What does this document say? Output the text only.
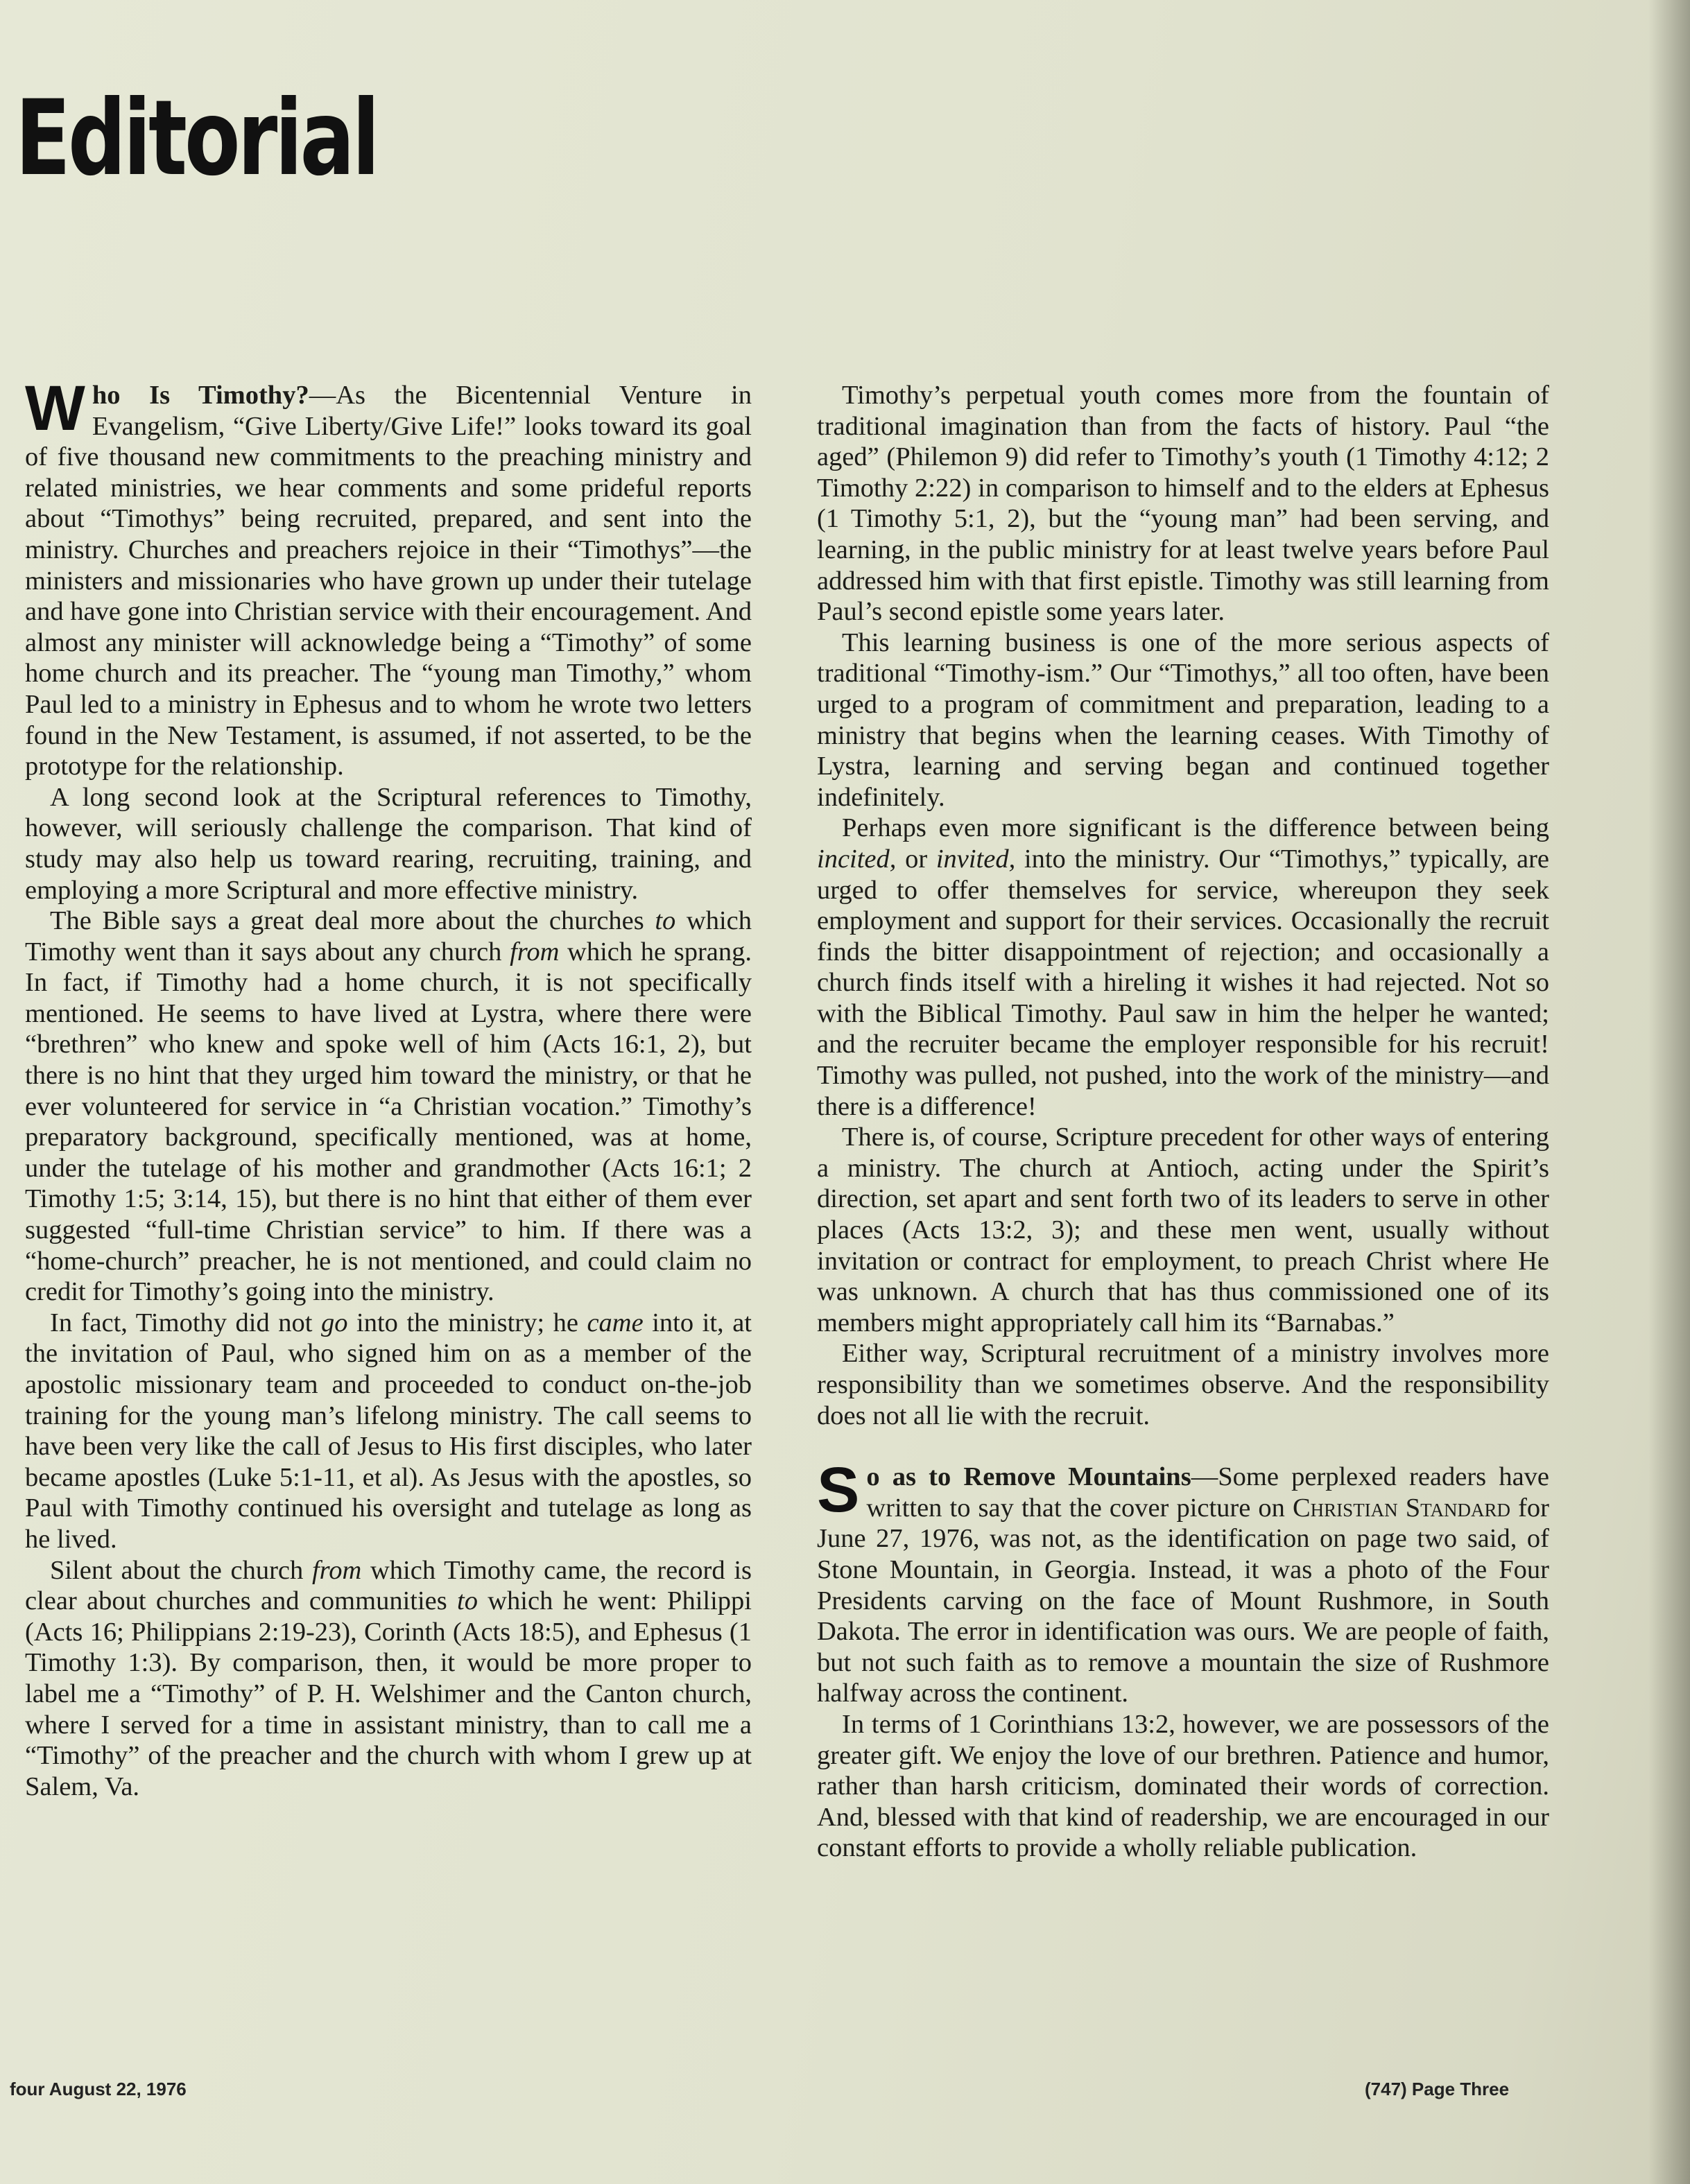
Editorial

Who Is Timothy?—As the Bicentennial Venture in Evangelism, “Give Liberty/Give Life!” looks toward its goal of five thousand new commitments to the preaching ministry and related ministries, we hear comments and some prideful reports about “Timothys” being recruited, prepared, and sent into the ministry. Churches and preachers rejoice in their “Timothys”—the ministers and missionaries who have grown up under their tutelage and have gone into Christian service with their encouragement. And almost any minister will acknowledge being a “Timothy” of some home church and its preacher. The “young man Timothy,” whom Paul led to a ministry in Ephesus and to whom he wrote two letters found in the New Testament, is assumed, if not asserted, to be the prototype for the relationship.

A long second look at the Scriptural references to Timothy, however, will seriously challenge the comparison. That kind of study may also help us toward rearing, recruiting, training, and employing a more Scriptural and more effective ministry.

The Bible says a great deal more about the churches to which Timothy went than it says about any church from which he sprang. In fact, if Timothy had a home church, it is not specifically mentioned. He seems to have lived at Lystra, where there were “brethren” who knew and spoke well of him (Acts 16:1, 2), but there is no hint that they urged him toward the ministry, or that he ever volunteered for service in “a Christian vocation.” Timothy’s preparatory background, specifically mentioned, was at home, under the tutelage of his mother and grandmother (Acts 16:1; 2 Timothy 1:5; 3:14, 15), but there is no hint that either of them ever suggested “full-time Christian service” to him. If there was a “home-church” preacher, he is not mentioned, and could claim no credit for Timothy’s going into the ministry.

In fact, Timothy did not go into the ministry; he came into it, at the invitation of Paul, who signed him on as a member of the apostolic missionary team and proceeded to conduct on-the-job training for the young man’s lifelong ministry. The call seems to have been very like the call of Jesus to His first disciples, who later became apostles (Luke 5:1-11, et al). As Jesus with the apostles, so Paul with Timothy continued his oversight and tutelage as long as he lived.

Silent about the church from which Timothy came, the record is clear about churches and communities to which he went: Philippi (Acts 16; Philippians 2:19-23), Corinth (Acts 18:5), and Ephesus (1 Timothy 1:3). By comparison, then, it would be more proper to label me a “Timothy” of P. H. Welshimer and the Canton church, where I served for a time in assistant ministry, than to call me a “Timothy” of the preacher and the church with whom I grew up at Salem, Va.

Timothy’s perpetual youth comes more from the fountain of traditional imagination than from the facts of history. Paul “the aged” (Philemon 9) did refer to Timothy’s youth (1 Timothy 4:12; 2 Timothy 2:22) in comparison to himself and to the elders at Ephesus (1 Timothy 5:1, 2), but the “young man” had been serving, and learning, in the public ministry for at least twelve years before Paul addressed him with that first epistle. Timothy was still learning from Paul’s second epistle some years later.

This learning business is one of the more serious aspects of traditional “Timothy-ism.” Our “Timothys,” all too often, have been urged to a program of commitment and preparation, leading to a ministry that begins when the learning ceases. With Timothy of Lystra, learning and serving began and continued together indefinitely.

Perhaps even more significant is the difference between being incited, or invited, into the ministry. Our “Timothys,” typically, are urged to offer themselves for service, whereupon they seek employment and support for their services. Occasionally the recruit finds the bitter disappointment of rejection; and occasionally a church finds itself with a hireling it wishes it had rejected. Not so with the Biblical Timothy. Paul saw in him the helper he wanted; and the recruiter became the employer responsible for his recruit! Timothy was pulled, not pushed, into the work of the ministry—and there is a difference!

There is, of course, Scripture precedent for other ways of entering a ministry. The church at Antioch, acting under the Spirit’s direction, set apart and sent forth two of its leaders to serve in other places (Acts 13:2, 3); and these men went, usually without invitation or contract for employment, to preach Christ where He was unknown. A church that has thus commissioned one of its members might appropriately call him its “Barnabas.”

Either way, Scriptural recruitment of a ministry involves more responsibility than we sometimes observe. And the responsibility does not all lie with the recruit.

So as to Remove Mountains—Some perplexed readers have written to say that the cover picture on Christian Standard for June 27, 1976, was not, as the identification on page two said, of Stone Mountain, in Georgia. Instead, it was a photo of the Four Presidents carving on the face of Mount Rushmore, in South Dakota. The error in identification was ours. We are people of faith, but not such faith as to remove a mountain the size of Rushmore halfway across the continent.

In terms of 1 Corinthians 13:2, however, we are possessors of the greater gift. We enjoy the love of our brethren. Patience and humor, rather than harsh criticism, dominated their words of correction. And, blessed with that kind of readership, we are encouraged in our constant efforts to provide a wholly reliable publication.

four August 22, 1976	(747) Page Three
